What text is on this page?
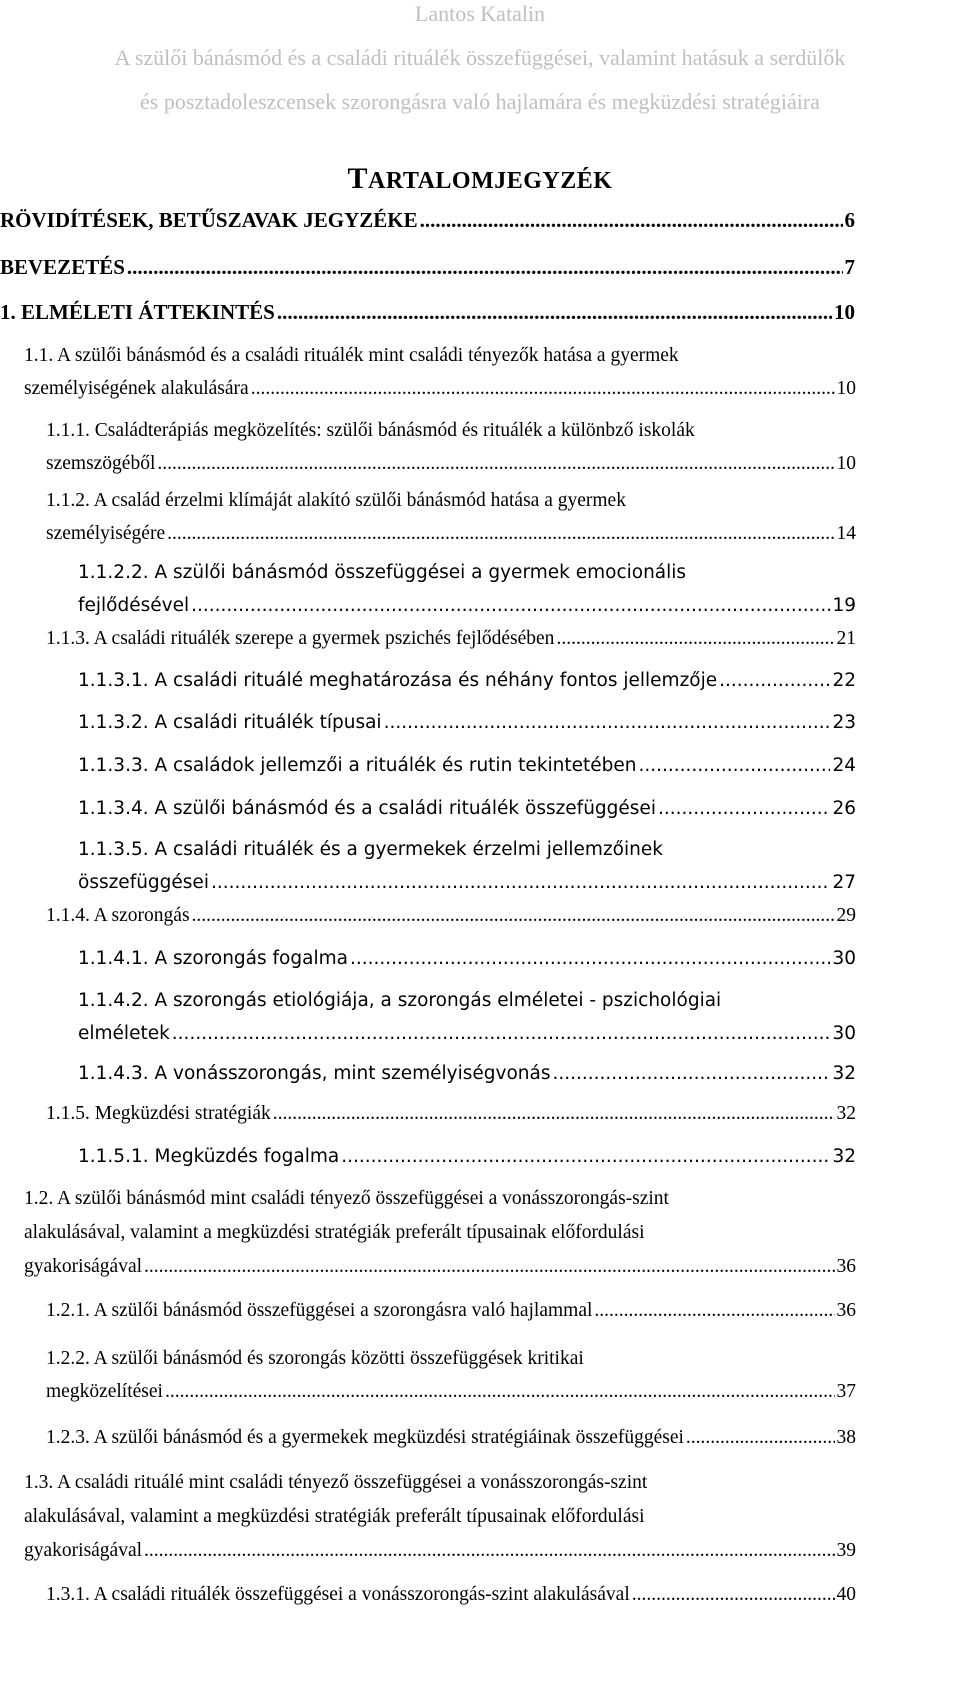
Lantos Katalin
A szülői bánásmód és a családi rituálék összefüggései, valamint hatásuk a serdülők
és posztadoleszcensek szorongásra való hajlamára és megküzdési stratégiáira
TARTALOMJEGYZÉK
RÖVIDÍTÉSEK, BETŰSZAVAK JEGYZÉKE .....	6
BEVEZETÉS .....	7
1. ELMÉLETI ÁTTEKINTÉS .....	10
1.1. A szülői bánásmód és a családi rituálék mint családi tényezők hatása a gyermek
személyiségének alakulására .....	10
1.1.1. Családterápiás megközelítés: szülői bánásmód és rituálék a különbző iskolák
szemszögéből .....	10
1.1.2. A család érzelmi klímáját alakító szülői bánásmód hatása a gyermek
személyiségére .....	14
1.1.2.2. A szülői bánásmód összefüggései a gyermek emocionális
fejlődésével .....	19
1.1.3. A családi rituálék szerepe a gyermek pszichés fejlődésében .....	21
1.1.3.1. A családi rituálé meghatározása és néhány fontos jellemzője .....	22
1.1.3.2. A családi rituálék típusai .....	23
1.1.3.3. A családok jellemzői a rituálék és rutin tekintetében .....	24
1.1.3.4. A szülői bánásmód és a családi rituálék összefüggései .....	26
1.1.3.5. A családi rituálék és a gyermekek érzelmi jellemzőinek
összefüggései .....	27
1.1.4. A szorongás .....	29
1.1.4.1. A szorongás fogalma .....	30
1.1.4.2. A szorongás etiológiája, a szorongás elméletei - pszichológiai
elméletek .....	30
1.1.4.3. A vonásszorongás, mint személyiségvonás .....	32
1.1.5. Megküzdési stratégiák .....	32
1.1.5.1. Megküzdés fogalma .....	32
1.2. A szülői bánásmód mint családi tényező összefüggései a vonásszorongás-szint
alakulásával, valamint a megküzdési stratégiák preferált típusainak előfordulási
gyakoriságával .....	36
1.2.1. A szülői bánásmód összefüggései a szorongásra való hajlammal .....	36
1.2.2. A szülői bánásmód és szorongás közötti összefüggések kritikai
megközelítései .....	37
1.2.3. A szülői bánásmód és a gyermekek megküzdési stratégiáinak összefüggései .....	38
1.3. A családi rituálé mint családi tényező összefüggései a vonásszorongás-szint
alakulásával, valamint a megküzdési stratégiák preferált típusainak előfordulási
gyakoriságával .....	39
1.3.1. A családi rituálék összefüggései a vonásszorongás-szint alakulásával .....	40
